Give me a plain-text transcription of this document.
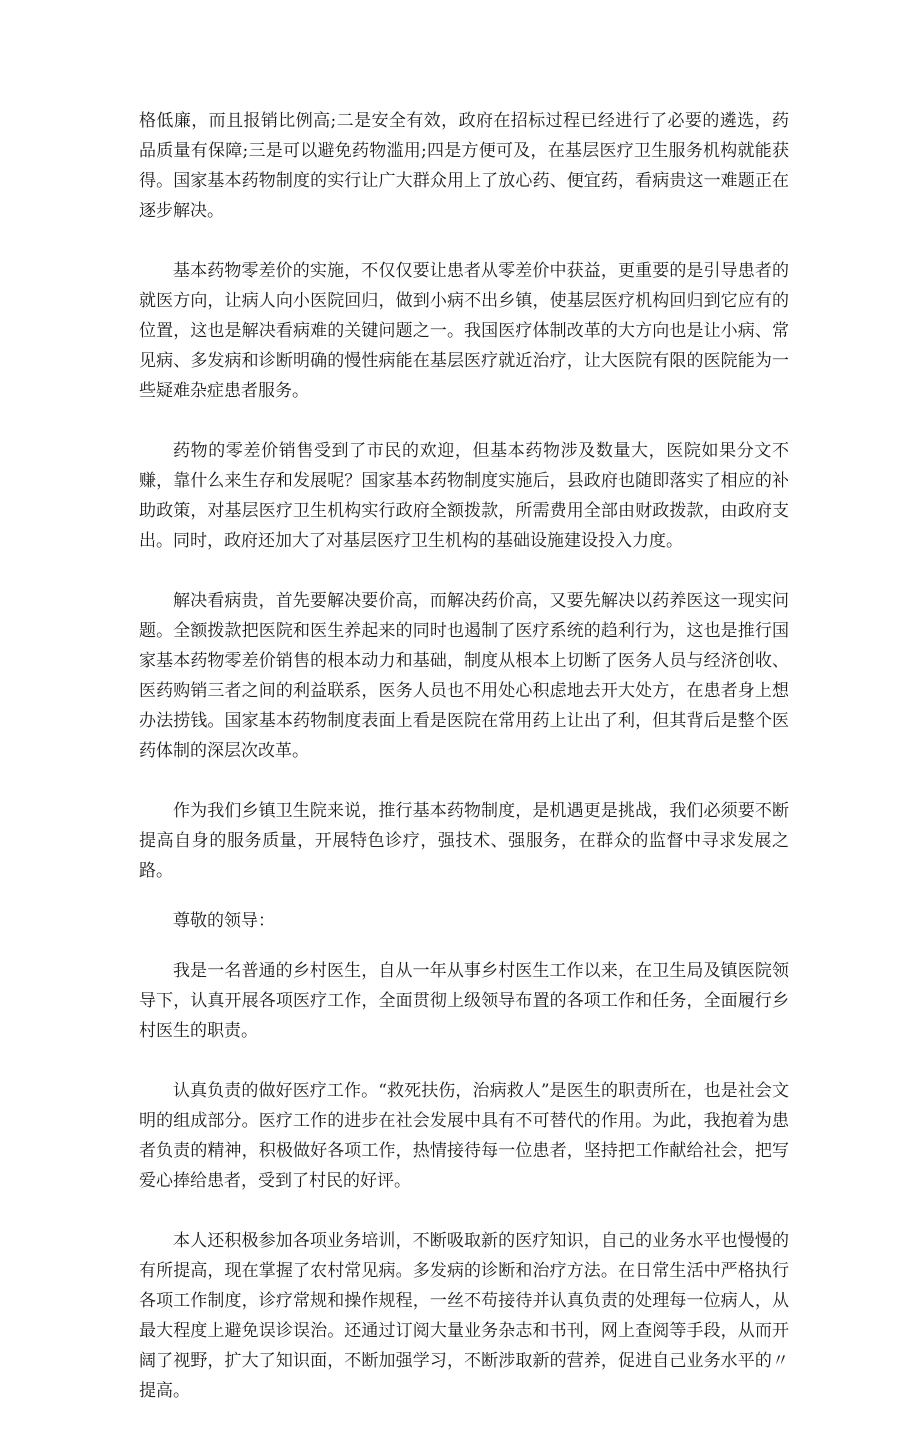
格低廉，而且报销比例高;二是安全有效，政府在招标过程已经进行了必要的遴选，药品质量有保障;三是可以避免药物滥用;四是方便可及，在基层医疗卫生服务机构就能获得。国家基本药物制度的实行让广大群众用上了放心药、便宜药，看病贵这一难题正在逐步解决。

基本药物零差价的实施，不仅仅要让患者从零差价中获益，更重要的是引导患者的就医方向，让病人向小医院回归，做到小病不出乡镇，使基层医疗机构回归到它应有的位置，这也是解决看病难的关键问题之一。我国医疗体制改革的大方向也是让小病、常见病、多发病和诊断明确的慢性病能在基层医疗就近治疗，让大医院有限的医院能为一些疑难杂症患者服务。

药物的零差价销售受到了市民的欢迎，但基本药物涉及数量大，医院如果分文不赚，靠什么来生存和发展呢？国家基本药物制度实施后，县政府也随即落实了相应的补助政策，对基层医疗卫生机构实行政府全额拨款，所需费用全部由财政拨款，由政府支出。同时，政府还加大了对基层医疗卫生机构的基础设施建设投入力度。

解决看病贵，首先要解决要价高，而解决药价高，又要先解决以药养医这一现实问题。全额拨款把医院和医生养起来的同时也遏制了医疗系统的趋利行为，这也是推行国家基本药物零差价销售的根本动力和基础，制度从根本上切断了医务人员与经济创收、医药购销三者之间的利益联系，医务人员也不用处心积虑地去开大处方，在患者身上想办法捞钱。国家基本药物制度表面上看是医院在常用药上让出了利，但其背后是整个医药体制的深层次改革。

作为我们乡镇卫生院来说，推行基本药物制度，是机遇更是挑战，我们必须要不断提高自身的服务质量，开展特色诊疗，强技术、强服务，在群众的监督中寻求发展之路。

尊敬的领导：

我是一名普通的乡村医生，自从一年从事乡村医生工作以来，在卫生局及镇医院领导下，认真开展各项医疗工作，全面贯彻上级领导布置的各项工作和任务，全面履行乡村医生的职责。

认真负责的做好医疗工作。“救死扶伤，治病救人”是医生的职责所在，也是社会文明的组成部分。医疗工作的进步在社会发展中具有不可替代的作用。为此，我抱着为患者负责的精神，积极做好各项工作，热情接待每一位患者，坚持把工作献给社会，把写爱心捧给患者，受到了村民的好评。

本人还积极参加各项业务培训，不断吸取新的医疗知识，自己的业务水平也慢慢的有所提高，现在掌握了农村常见病。多发病的诊断和治疗方法。在日常生活中严格执行各项工作制度，诊疗常规和操作规程，一丝不苟接待并认真负责的处理每一位病人，从最大程度上避免误诊误治。还通过订阅大量业务杂志和书刊，网上查阅等手段，从而开阔了视野，扩大了知识面，不断加强学习，不断涉取新的营养，促进自己业务水平的〃提高。
